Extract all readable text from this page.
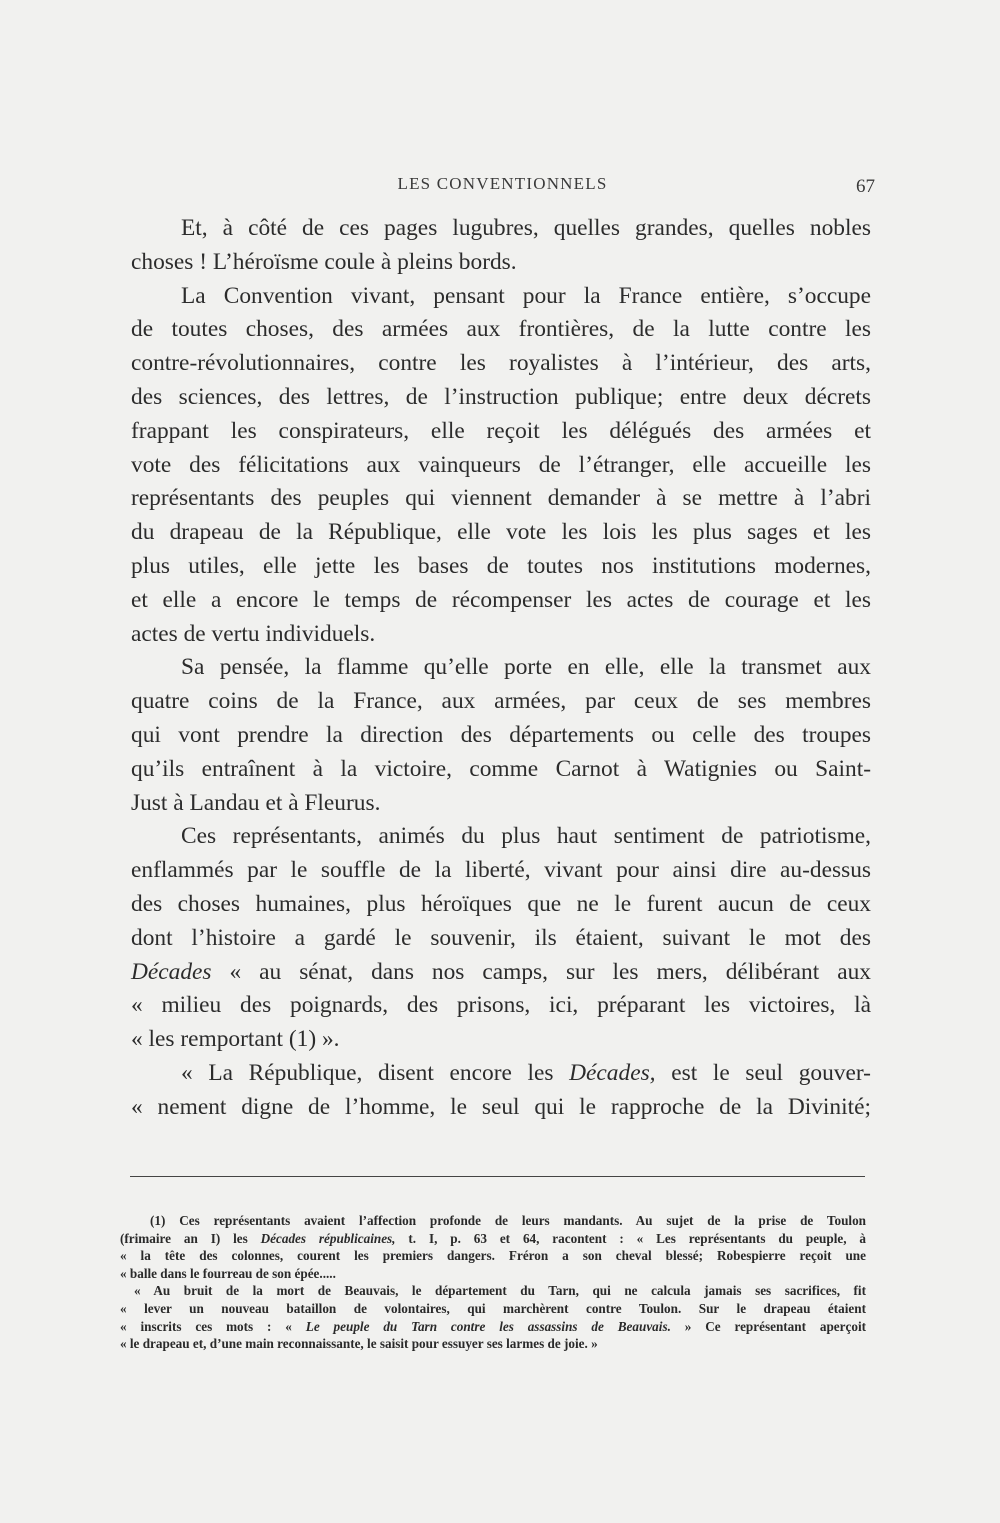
LES CONVENTIONNELS	67

Et, à côté de ces pages lugubres, quelles grandes, quelles nobles
choses ! L’héroïsme coule à pleins bords.

La Convention vivant, pensant pour la France entière, s’occupe
de toutes choses, des armées aux frontières, de la lutte contre les
contre-révolutionnaires, contre les royalistes à l’intérieur, des arts,
des sciences, des lettres, de l’instruction publique; entre deux décrets
frappant les conspirateurs, elle reçoit les délégués des armées et
vote des félicitations aux vainqueurs de l’étranger, elle accueille les
représentants des peuples qui viennent demander à se mettre à l’abri
du drapeau de la République, elle vote les lois les plus sages et les
plus utiles, elle jette les bases de toutes nos institutions modernes,
et elle a encore le temps de récompenser les actes de courage et les
actes de vertu individuels.

Sa pensée, la flamme qu’elle porte en elle, elle la transmet aux
quatre coins de la France, aux armées, par ceux de ses membres
qui vont prendre la direction des départements ou celle des troupes
qu’ils entraînent à la victoire, comme Carnot à Watignies ou Saint-
Just à Landau et à Fleurus.

Ces représentants, animés du plus haut sentiment de patriotisme,
enflammés par le souffle de la liberté, vivant pour ainsi dire au-dessus
des choses humaines, plus héroïques que ne le furent aucun de ceux
dont l’histoire a gardé le souvenir, ils étaient, suivant le mot des
Décades « au sénat, dans nos camps, sur les mers, délibérant aux
« milieu des poignards, des prisons, ici, préparant les victoires, là
« les remportant (1) ».

« La République, disent encore les Décades, est le seul gouver-
« nement digne de l’homme, le seul qui le rapproche de la Divinité;

(1) Ces représentants avaient l’affection profonde de leurs mandants. Au sujet de la prise de Toulon
(frimaire an I) les Décades républicaines, t. I, p. 63 et 64, racontent : « Les représentants du peuple, à
« la tête des colonnes, courent les premiers dangers. Fréron a son cheval blessé; Robespierre reçoit une
« balle dans le fourreau de son épée.....
« Au bruit de la mort de Beauvais, le département du Tarn, qui ne calcula jamais ses sacrifices, fit
« lever un nouveau bataillon de volontaires, qui marchèrent contre Toulon. Sur le drapeau étaient
« inscrits ces mots : « Le peuple du Tarn contre les assassins de Beauvais. » Ce représentant aperçoit
« le drapeau et, d’une main reconnaissante, le saisit pour essuyer ses larmes de joie. »
